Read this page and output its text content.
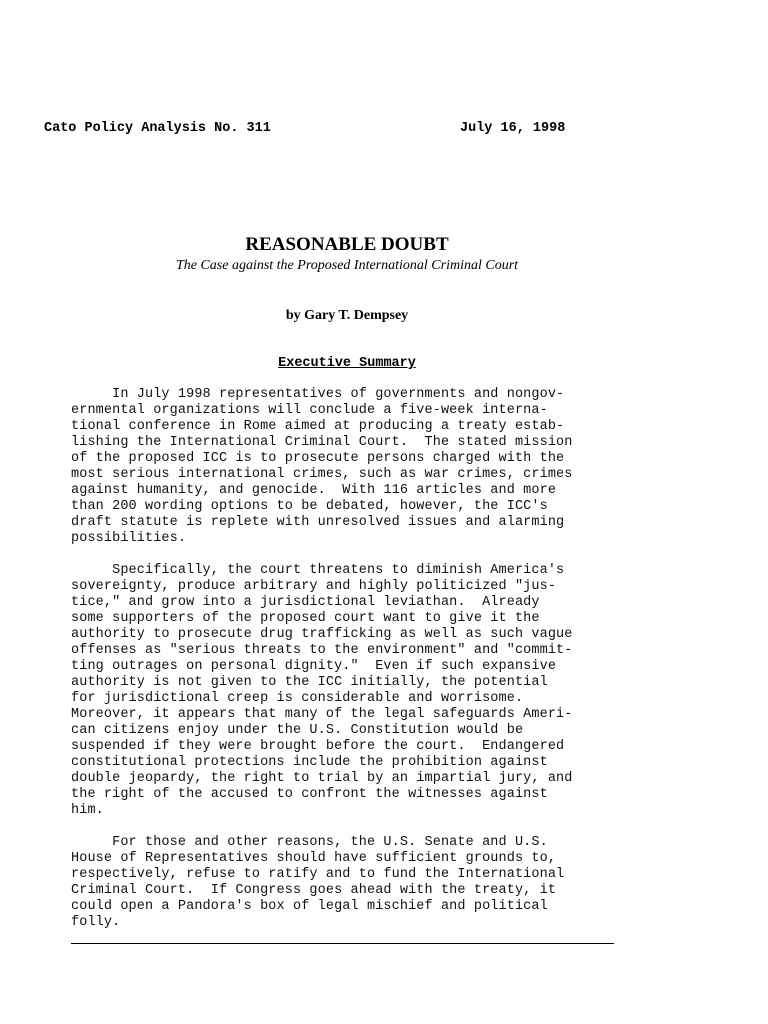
Cato Policy Analysis No. 311	July 16, 1998
REASONABLE DOUBT
The Case against the Proposed International Criminal Court
by Gary T. Dempsey
Executive Summary

In July 1998 representatives of governments and nongov-
ernmental organizations will conclude a five-week interna-
tional conference in Rome aimed at producing a treaty estab-
lishing the International Criminal Court.  The stated mission
of the proposed ICC is to prosecute persons charged with the
most serious international crimes, such as war crimes, crimes
against humanity, and genocide.  With 116 articles and more
than 200 wording options to be debated, however, the ICC's
draft statute is replete with unresolved issues and alarming
possibilities.

Specifically, the court threatens to diminish America's
sovereignty, produce arbitrary and highly politicized "jus-
tice," and grow into a jurisdictional leviathan.  Already
some supporters of the proposed court want to give it the
authority to prosecute drug trafficking as well as such vague
offenses as "serious threats to the environment" and "commit-
ting outrages on personal dignity."  Even if such expansive
authority is not given to the ICC initially, the potential
for jurisdictional creep is considerable and worrisome.
Moreover, it appears that many of the legal safeguards Ameri-
can citizens enjoy under the U.S. Constitution would be
suspended if they were brought before the court.  Endangered
constitutional protections include the prohibition against
double jeopardy, the right to trial by an impartial jury, and
the right of the accused to confront the witnesses against
him.

For those and other reasons, the U.S. Senate and U.S.
House of Representatives should have sufficient grounds to,
respectively, refuse to ratify and to fund the International
Criminal Court.  If Congress goes ahead with the treaty, it
could open a Pandora's box of legal mischief and political
folly.
